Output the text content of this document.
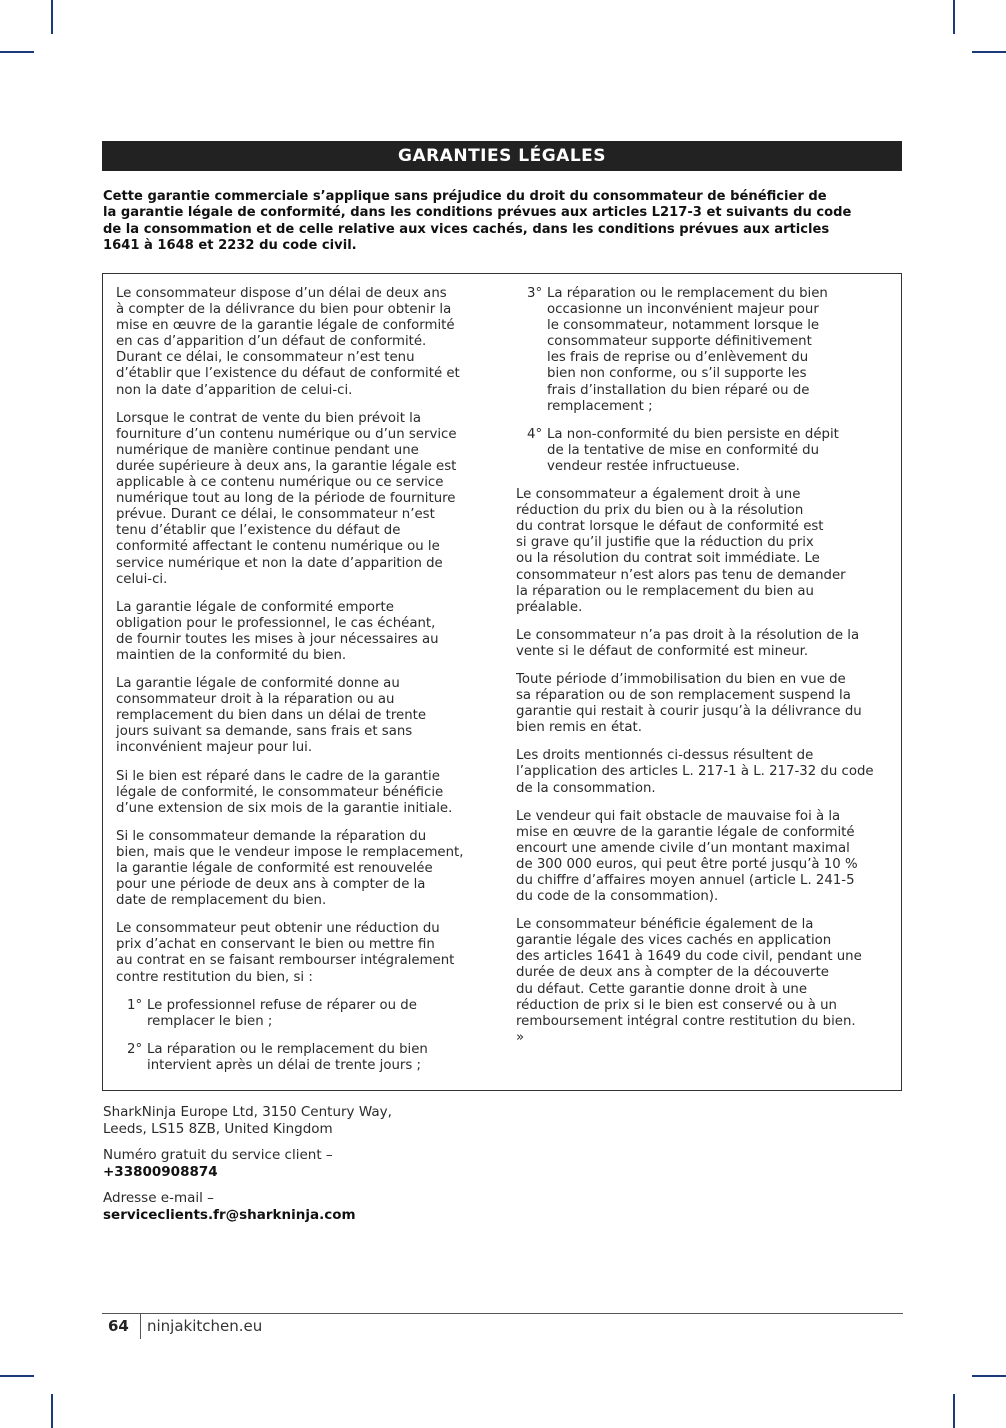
GARANTIES LÉGALES
Cette garantie commerciale s’applique sans préjudice du droit du consommateur de bénéficier de
la garantie légale de conformité, dans les conditions prévues aux articles L217-3 et suivants du code
de la consommation et de celle relative aux vices cachés, dans les conditions prévues aux articles
1641 à 1648 et 2232 du code civil.

Le consommateur dispose d’un délai de deux ans
à compter de la délivrance du bien pour obtenir la
mise en œuvre de la garantie légale de conformité
en cas d’apparition d’un défaut de conformité.
Durant ce délai, le consommateur n’est tenu
d’établir que l’existence du défaut de conformité et
non la date d’apparition de celui-ci.

Lorsque le contrat de vente du bien prévoit la
fourniture d’un contenu numérique ou d’un service
numérique de manière continue pendant une
durée supérieure à deux ans, la garantie légale est
applicable à ce contenu numérique ou ce service
numérique tout au long de la période de fourniture
prévue. Durant ce délai, le consommateur n’est
tenu d’établir que l’existence du défaut de
conformité affectant le contenu numérique ou le
service numérique et non la date d’apparition de
celui-ci.

La garantie légale de conformité emporte
obligation pour le professionnel, le cas échéant,
de fournir toutes les mises à jour nécessaires au
maintien de la conformité du bien.

La garantie légale de conformité donne au
consommateur droit à la réparation ou au
remplacement du bien dans un délai de trente
jours suivant sa demande, sans frais et sans
inconvénient majeur pour lui.

Si le bien est réparé dans le cadre de la garantie
légale de conformité, le consommateur bénéficie
d’une extension de six mois de la garantie initiale.

Si le consommateur demande la réparation du
bien, mais que le vendeur impose le remplacement,
la garantie légale de conformité est renouvelée
pour une période de deux ans à compter de la
date de remplacement du bien.

Le consommateur peut obtenir une réduction du
prix d’achat en conservant le bien ou mettre fin
au contrat en se faisant rembourser intégralement
contre restitution du bien, si :

1° Le professionnel refuse de réparer ou de
remplacer le bien ;
2° La réparation ou le remplacement du bien
intervient après un délai de trente jours ;
3° La réparation ou le remplacement du bien
occasionne un inconvénient majeur pour
le consommateur, notamment lorsque le
consommateur supporte définitivement
les frais de reprise ou d’enlèvement du
bien non conforme, ou s’il supporte les
frais d’installation du bien réparé ou de
remplacement ;
4° La non-conformité du bien persiste en dépit
de la tentative de mise en conformité du
vendeur restée infructueuse.

Le consommateur a également droit à une
réduction du prix du bien ou à la résolution
du contrat lorsque le défaut de conformité est
si grave qu’il justifie que la réduction du prix
ou la résolution du contrat soit immédiate. Le
consommateur n’est alors pas tenu de demander
la réparation ou le remplacement du bien au
préalable.

Le consommateur n’a pas droit à la résolution de la
vente si le défaut de conformité est mineur.

Toute période d’immobilisation du bien en vue de
sa réparation ou de son remplacement suspend la
garantie qui restait à courir jusqu’à la délivrance du
bien remis en état.

Les droits mentionnés ci-dessus résultent de
l’application des articles L. 217-1 à L. 217-32 du code
de la consommation.

Le vendeur qui fait obstacle de mauvaise foi à la
mise en œuvre de la garantie légale de conformité
encourt une amende civile d’un montant maximal
de 300 000 euros, qui peut être porté jusqu’à 10 %
du chiffre d’affaires moyen annuel (article L. 241-5
du code de la consommation).

Le consommateur bénéficie également de la
garantie légale des vices cachés en application
des articles 1641 à 1649 du code civil, pendant une
durée de deux ans à compter de la découverte
du défaut. Cette garantie donne droit à une
réduction de prix si le bien est conservé ou à un
remboursement intégral contre restitution du bien.
»

SharkNinja Europe Ltd, 3150 Century Way,
Leeds, LS15 8ZB, United Kingdom

Numéro gratuit du service client –
+33800908874

Adresse e-mail –
serviceclients.fr@sharkninja.com

64 ninjakitchen.eu
